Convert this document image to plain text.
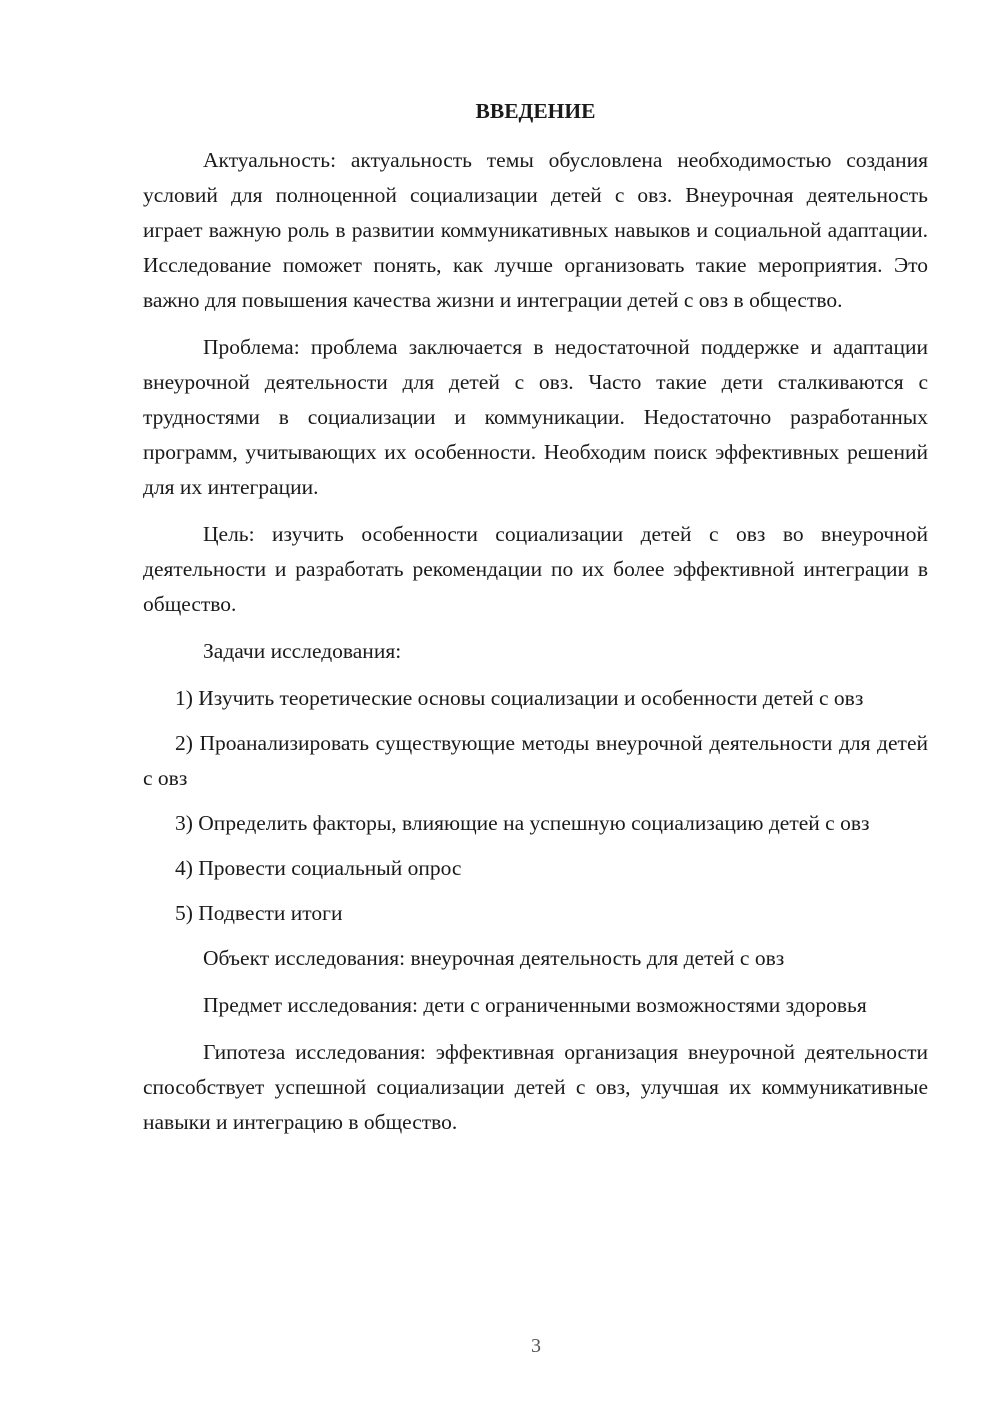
ВВЕДЕНИЕ

Актуальность: актуальность темы обусловлена необходимостью создания условий для полноценной социализации детей с овз. Внеурочная деятельность играет важную роль в развитии коммуникативных навыков и социальной адаптации. Исследование поможет понять, как лучше организовать такие мероприятия. Это важно для повышения качества жизни и интеграции детей с овз в общество.

Проблема: проблема заключается в недостаточной поддержке и адаптации внеурочной деятельности для детей с овз. Часто такие дети сталкиваются с трудностями в социализации и коммуникации. Недостаточно разработанных программ, учитывающих их особенности. Необходим поиск эффективных решений для их интеграции.

Цель: изучить особенности социализации детей с овз во внеурочной деятельности и разработать рекомендации по их более эффективной интеграции в общество.

Задачи исследования:

1) Изучить теоретические основы социализации и особенности детей с овз

2) Проанализировать существующие методы внеурочной деятельности для детей с овз

3) Определить факторы, влияющие на успешную социализацию детей с овз

4) Провести социальный опрос

5) Подвести итоги

Объект исследования: внеурочная деятельность для детей с овз

Предмет исследования: дети с ограниченными возможностями здоровья

Гипотеза исследования: эффективная организация внеурочной деятельности способствует успешной социализации детей с овз, улучшая их коммуникативные навыки и интеграцию в общество.

3
